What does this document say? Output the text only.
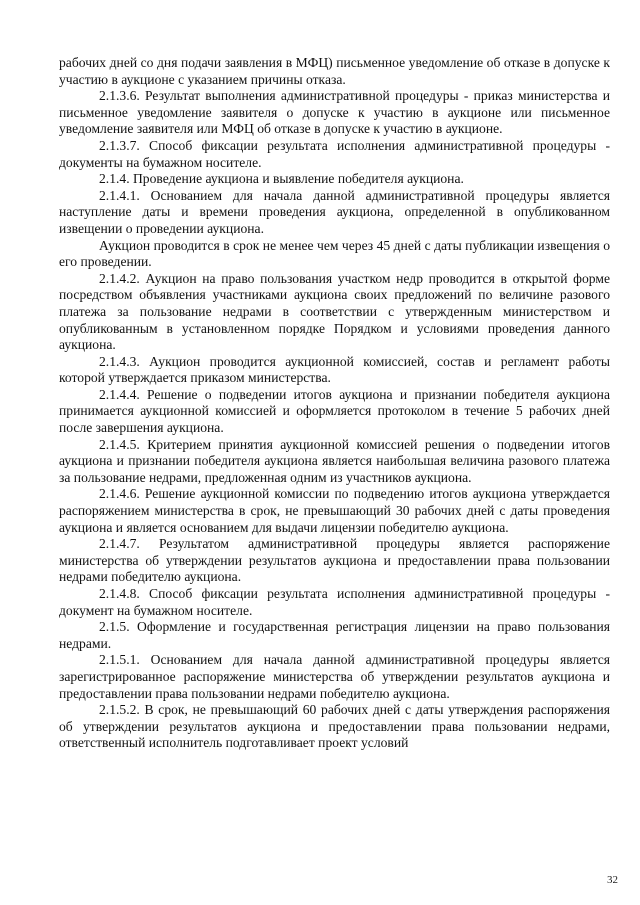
рабочих дней со дня подачи заявления в МФЦ) письменное уведомление об отказе в допуске к участию в аукционе с указанием причины отказа.

2.1.3.6. Результат выполнения административной процедуры - приказ министерства и письменное уведомление заявителя о допуске к участию в аукционе или письменное уведомление заявителя или МФЦ об отказе в допуске к участию в аукционе.

2.1.3.7. Способ фиксации результата исполнения административной процедуры - документы на бумажном носителе.

2.1.4. Проведение аукциона и выявление победителя аукциона.

2.1.4.1. Основанием для начала данной административной процедуры является наступление даты и времени проведения аукциона, определенной в опубликованном извещении о проведении аукциона.

Аукцион проводится в срок не менее чем через 45 дней с даты публикации извещения о его проведении.

2.1.4.2. Аукцион на право пользования участком недр проводится в открытой форме посредством объявления участниками аукциона своих предложений по величине разового платежа за пользование недрами в соответствии с утвержденным министерством и опубликованным в установленном порядке Порядком и условиями проведения данного аукциона.

2.1.4.3. Аукцион проводится аукционной комиссией, состав и регламент работы которой утверждается приказом министерства.

2.1.4.4. Решение о подведении итогов аукциона и признании победителя аукциона принимается аукционной комиссией и оформляется протоколом в течение 5 рабочих дней после завершения аукциона.

2.1.4.5. Критерием принятия аукционной комиссией решения о подведении итогов аукциона и признании победителя аукциона является наибольшая величина разового платежа за пользование недрами, предложенная одним из участников аукциона.

2.1.4.6. Решение аукционной комиссии по подведению итогов аукциона утверждается распоряжением министерства в срок, не превышающий 30 рабочих дней с даты проведения аукциона и является основанием для выдачи лицензии победителю аукциона.

2.1.4.7. Результатом административной процедуры является распоряжение министерства об утверждении результатов аукциона и предоставлении права пользовании недрами победителю аукциона.

2.1.4.8. Способ фиксации результата исполнения административной процедуры - документ на бумажном носителе.

2.1.5. Оформление и государственная регистрация лицензии на право пользования недрами.

2.1.5.1. Основанием для начала данной административной процедуры является зарегистрированное распоряжение министерства об утверждении результатов аукциона и предоставлении права пользовании недрами победителю аукциона.

2.1.5.2. В срок, не превышающий 60 рабочих дней с даты утверждения распоряжения об утверждении результатов аукциона и предоставлении права пользовании недрами, ответственный исполнитель подготавливает проект условий

32
